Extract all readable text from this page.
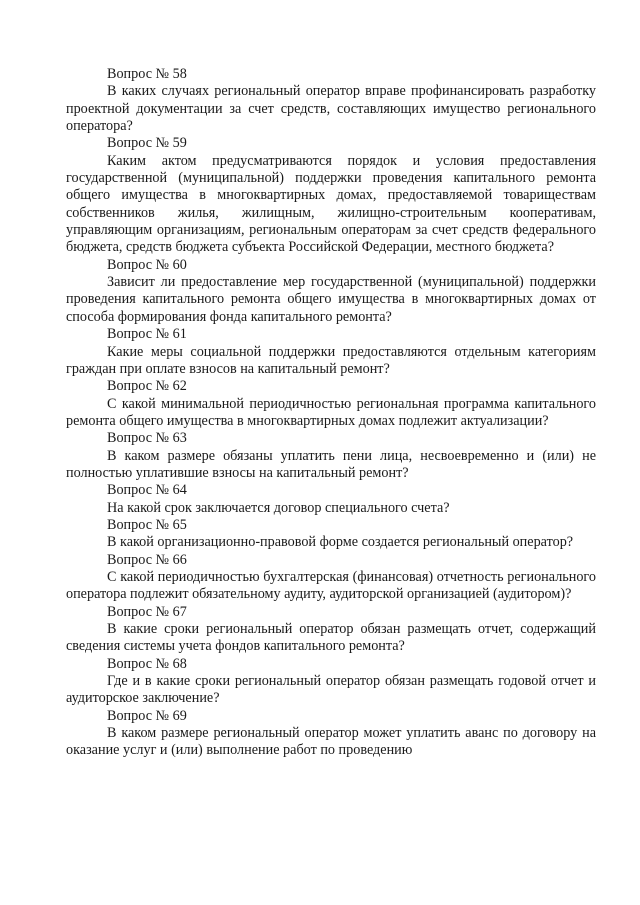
Вопрос № 58
В каких случаях региональный оператор вправе профинансировать разработку проектной документации за счет средств, составляющих имущество регионального оператора?
Вопрос № 59
Каким актом предусматриваются порядок и условия предоставления государственной (муниципальной) поддержки проведения капитального ремонта общего имущества в многоквартирных домах, предоставляемой товариществам собственников жилья, жилищным, жилищно-строительным кооперативам, управляющим организациям, региональным операторам за счет средств федерального бюджета, средств бюджета субъекта Российской Федерации, местного бюджета?
Вопрос № 60
Зависит ли предоставление мер государственной (муниципальной) поддержки проведения капитального ремонта общего имущества в многоквартирных домах от способа формирования фонда капитального ремонта?
Вопрос № 61
Какие меры социальной поддержки предоставляются отдельным категориям граждан при оплате взносов на капитальный ремонт?
Вопрос № 62
С какой минимальной периодичностью региональная программа капитального ремонта общего имущества в многоквартирных домах подлежит актуализации?
Вопрос № 63
В каком размере обязаны уплатить пени лица, несвоевременно и (или) не полностью уплатившие взносы на капитальный ремонт?
Вопрос № 64
На какой срок заключается договор специального счета?
Вопрос № 65
В какой организационно-правовой форме создается региональный оператор?
Вопрос № 66
С какой периодичностью бухгалтерская (финансовая) отчетность регионального оператора подлежит обязательному аудиту, аудиторской организацией (аудитором)?
Вопрос № 67
В какие сроки региональный оператор обязан размещать отчет, содержащий сведения системы учета фондов капитального ремонта?
Вопрос № 68
Где и в какие сроки региональный оператор обязан размещать годовой отчет и аудиторское заключение?
Вопрос № 69
В каком размере региональный оператор может уплатить аванс по договору на оказание услуг и (или) выполнение работ по проведению
